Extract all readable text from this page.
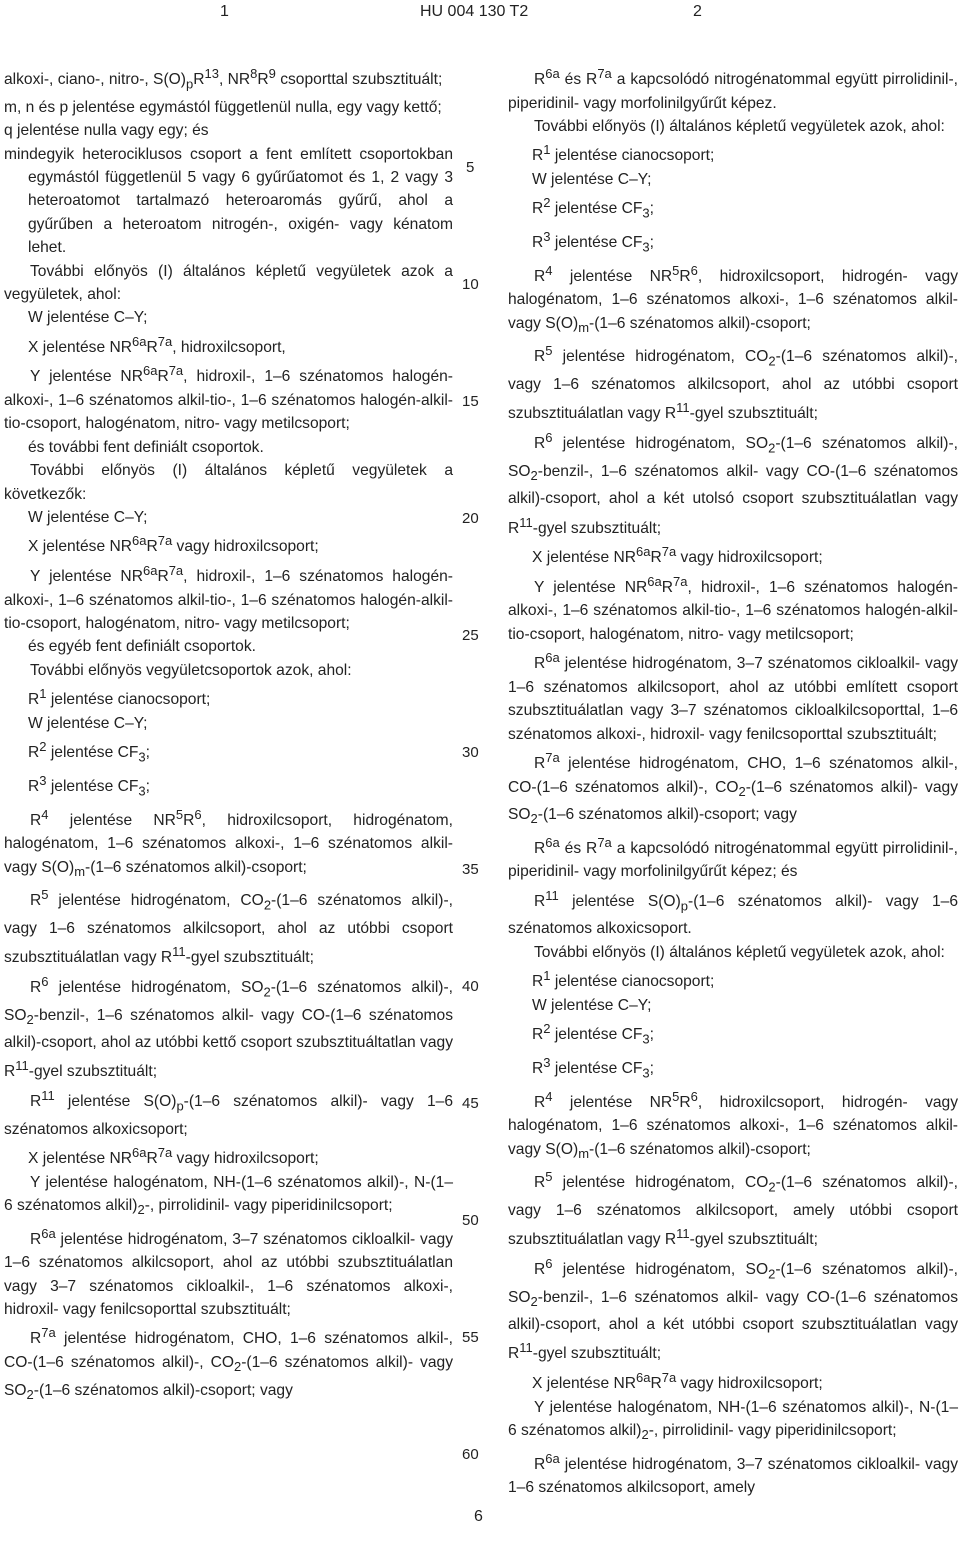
1	HU 004 130 T2	2
alkoxi-, ciano-, nitro-, $S(O)_pR^{13}$, $NR^8R^9$ csoporttal szubsztituált;
m, n és p jelentése egymástól függetlenül nulla, egy vagy kettő;
q jelentése nulla vagy egy; és
mindegyik heterociklusos csoport a fent említett csoportokban egymástól függetlenül 5 vagy 6 gyűrűatomot és 1, 2 vagy 3 heteroatomot tartalmazó heteroaromás gyűrű, ahol a gyűrűben a heteroatom nitrogén-, oxigén- vagy kénatom lehet.
További előnyös (I) általános képletű vegyületek azok a vegyületek, ahol:
W jelentése C–Y;
X jelentése $NR^{6a}R^{7a}$, hidroxilcsoport,
Y jelentése $NR^{6a}R^{7a}$, hidroxil-, 1–6 szénatomos halogén-alkoxi-, 1–6 szénatomos alkil-tio-, 1–6 szénatomos halogén-alkil-tio-csoport, halogénatom, nitro- vagy metilcsoport;
és további fent definiált csoportok.
További előnyös (I) általános képletű vegyületek a következők:
W jelentése C–Y;
X jelentése $NR^{6a}R^{7a}$ vagy hidroxilcsoport;
Y jelentése $NR^{6a}R^{7a}$, hidroxil-, 1–6 szénatomos halogén-alkoxi-, 1–6 szénatomos alkil-tio-, 1–6 szénatomos halogén-alkil-tio-csoport, halogénatom, nitro- vagy metilcsoport;
és egyéb fent definiált csoportok.
További előnyös vegyületcsoportok azok, ahol:
$R^1$ jelentése cianocsoport;
W jelentése C–Y;
$R^2$ jelentése $CF_3$;
$R^3$ jelentése $CF_3$;
$R^4$ jelentése $NR^5R^6$, hidroxilcsoport, hidrogénatom, halogénatom, 1–6 szénatomos alkoxi-, 1–6 szénatomos alkil- vagy $S(O)_m-(1-6$ szénatomos alkil)-csoport;
$R^5$ jelentése hidrogénatom, $CO_2-(1-6$ szénatomos alkil)-, vagy 1–6 szénatomos alkilcsoport, ahol az utóbbi csoport szubsztituálatlan vagy $R^{11}$-gyel szubsztituált;
$R^6$ jelentése hidrogénatom, $SO_2-(1-6$ szénatomos alkil)-, $SO_2-benzil-$, 1–6 szénatomos alkil- vagy CO-(1–6 szénatomos alkil)-csoport, ahol az utóbbi kettő csoport szubsztituáltatlan vagy $R^{11}$-gyel szubsztituált;
$R^{11}$ jelentése $S(O)_p-(1-6$ szénatomos alkil)- vagy 1–6 szénatomos alkoxicsoport;
X jelentése $NR^{6a}R^{7a}$ vagy hidroxilcsoport;
Y jelentése halogénatom, NH-(1–6 szénatomos alkil)-, N-(1–6 szénatomos $alkil)_2-$, pirrolidinil- vagy piperidinilcsoport;
$R^{6a}$ jelentése hidrogénatom, 3–7 szénatomos cikloalkil- vagy 1–6 szénatomos alkilcsoport, ahol az utóbbi szubsztituálatlan vagy 3–7 szénatomos cikloalkil-, 1–6 szénatomos alkoxi-, hidroxil- vagy fenilcsoporttal szubsztituált;
$R^{7a}$ jelentése hidrogénatom, CHO, 1–6 szénatomos alkil-, CO-(1–6 szénatomos alkil)-, $CO_2-(1-6$ szénatomos alkil)- vagy $SO_2-(1-6$ szénatomos alkil)-csoport; vagy
5
10
15
20
25
30
35
40
45
50
55
60
$R^{6a}$ és $R^{7a}$ a kapcsolódó nitrogénatommal együtt pirrolidinil-, piperidinil- vagy morfolinilgyűrűt képez.
További előnyös (I) általános képletű vegyületek azok, ahol:
$R^1$ jelentése cianocsoport;
W jelentése C–Y;
$R^2$ jelentése $CF_3$;
$R^3$ jelentése $CF_3$;
$R^4$ jelentése $NR^5R^6$, hidroxilcsoport, hidrogén- vagy halogénatom, 1–6 szénatomos alkoxi-, 1–6 szénatomos alkil- vagy $S(O)_m-(1-6$ szénatomos alkil)-csoport;
$R^5$ jelentése hidrogénatom, $CO_2-(1-6$ szénatomos alkil)-, vagy 1–6 szénatomos alkilcsoport, ahol az utóbbi csoport szubsztituálatlan vagy $R^{11}$-gyel szubsztituált;
$R^6$ jelentése hidrogénatom, $SO_2-(1-6$ szénatomos alkil)-, $SO_2-benzil-$, 1–6 szénatomos alkil- vagy CO-(1–6 szénatomos alkil)-csoport, ahol a két utolsó csoport szubsztituálatlan vagy $R^{11}$-gyel szubsztituált;
X jelentése $NR^{6a}R^{7a}$ vagy hidroxilcsoport;
Y jelentése $NR^{6a}R^{7a}$, hidroxil-, 1–6 szénatomos halogén-alkoxi-, 1–6 szénatomos alkil-tio-, 1–6 szénatomos halogén-alkil-tio-csoport, halogénatom, nitro- vagy metilcsoport;
$R^{6a}$ jelentése hidrogénatom, 3–7 szénatomos cikloalkil- vagy 1–6 szénatomos alkilcsoport, ahol az utóbbi említett csoport szubsztituálatlan vagy 3–7 szénatomos cikloalkilcsoporttal, 1–6 szénatomos alkoxi-, hidroxil- vagy fenilcsoporttal szubsztituált;
$R^{7a}$ jelentése hidrogénatom, CHO, 1–6 szénatomos alkil-, CO-(1–6 szénatomos alkil)-, $CO_2-(1-6$ szénatomos alkil)- vagy $SO_2-(1-6$ szénatomos alkil)-csoport; vagy
$R^{6a}$ és $R^{7a}$ a kapcsolódó nitrogénatommal együtt pirrolidinil-, piperidinil- vagy morfolinilgyűrűt képez; és
$R^{11}$ jelentése $S(O)_p-(1-6$ szénatomos alkil)- vagy 1–6 szénatomos alkoxicsoport.
További előnyös (I) általános képletű vegyületek azok, ahol:
$R^1$ jelentése cianocsoport;
W jelentése C–Y;
$R^2$ jelentése $CF_3$;
$R^3$ jelentése $CF_3$;
$R^4$ jelentése $NR^5R^6$, hidroxilcsoport, hidrogén- vagy halogénatom, 1–6 szénatomos alkoxi-, 1–6 szénatomos alkil- vagy $S(O)_m-(1-6$ szénatomos alkil)-csoport;
$R^5$ jelentése hidrogénatom, $CO_2-(1-6$ szénatomos alkil)-, vagy 1–6 szénatomos alkilcsoport, amely utóbbi csoport szubsztituálatlan vagy $R^{11}$-gyel szubsztituált;
$R^6$ jelentése hidrogénatom, $SO_2-(1-6$ szénatomos alkil)-, $SO_2-benzil-$, 1–6 szénatomos alkil- vagy CO-(1–6 szénatomos alkil)-csoport, ahol a két utóbbi csoport szubsztituálatlan vagy $R^{11}$-gyel szubsztituált;
X jelentése $NR^{6a}R^{7a}$ vagy hidroxilcsoport;
Y jelentése halogénatom, NH-(1–6 szénatomos alkil)-, N-(1–6 szénatomos $alkil)_2-$, pirrolidinil- vagy piperidinilcsoport;
$R^{6a}$ jelentése hidrogénatom, 3–7 szénatomos cikloalkil- vagy 1–6 szénatomos alkilcsoport, amely
6
